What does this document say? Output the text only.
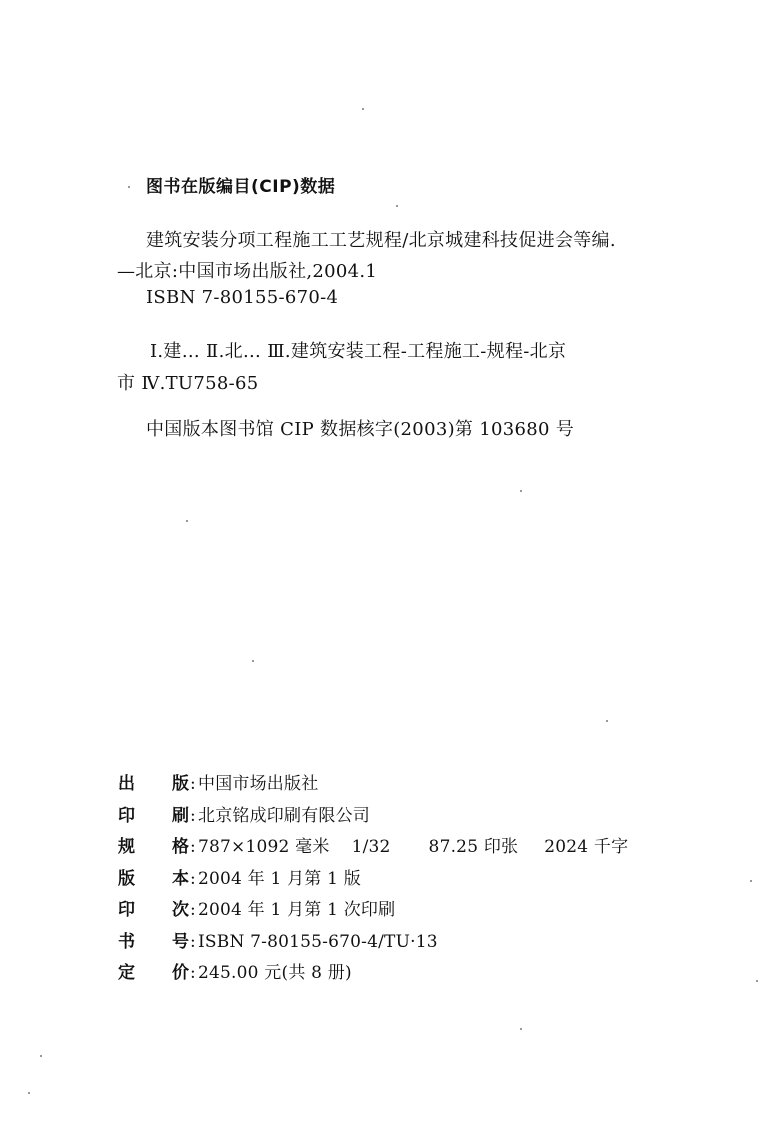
图书在版编目(CIP)数据
建筑安装分项工程施工工艺规程/北京城建科技促进会等编.
—北京:中国市场出版社,2004.1
ISBN 7-80155-670-4
Ⅰ.建… Ⅱ.北… Ⅲ.建筑安装工程-工程施工-规程-北京
市 Ⅳ.TU758-65
中国版本图书馆 CIP 数据核字(2003)第 103680 号
出	版 : 中国市场出版社
印	刷 : 北京铭成印刷有限公司
规	格 : 787×1092 毫米 1/32 87.25 印张 2024 千字
版	本 : 2004 年 1 月第 1 版
印	次 : 2004 年 1 月第 1 次印刷
书	号 : ISBN 7-80155-670-4/TU·13
定	价 : 245.00 元(共 8 册)
